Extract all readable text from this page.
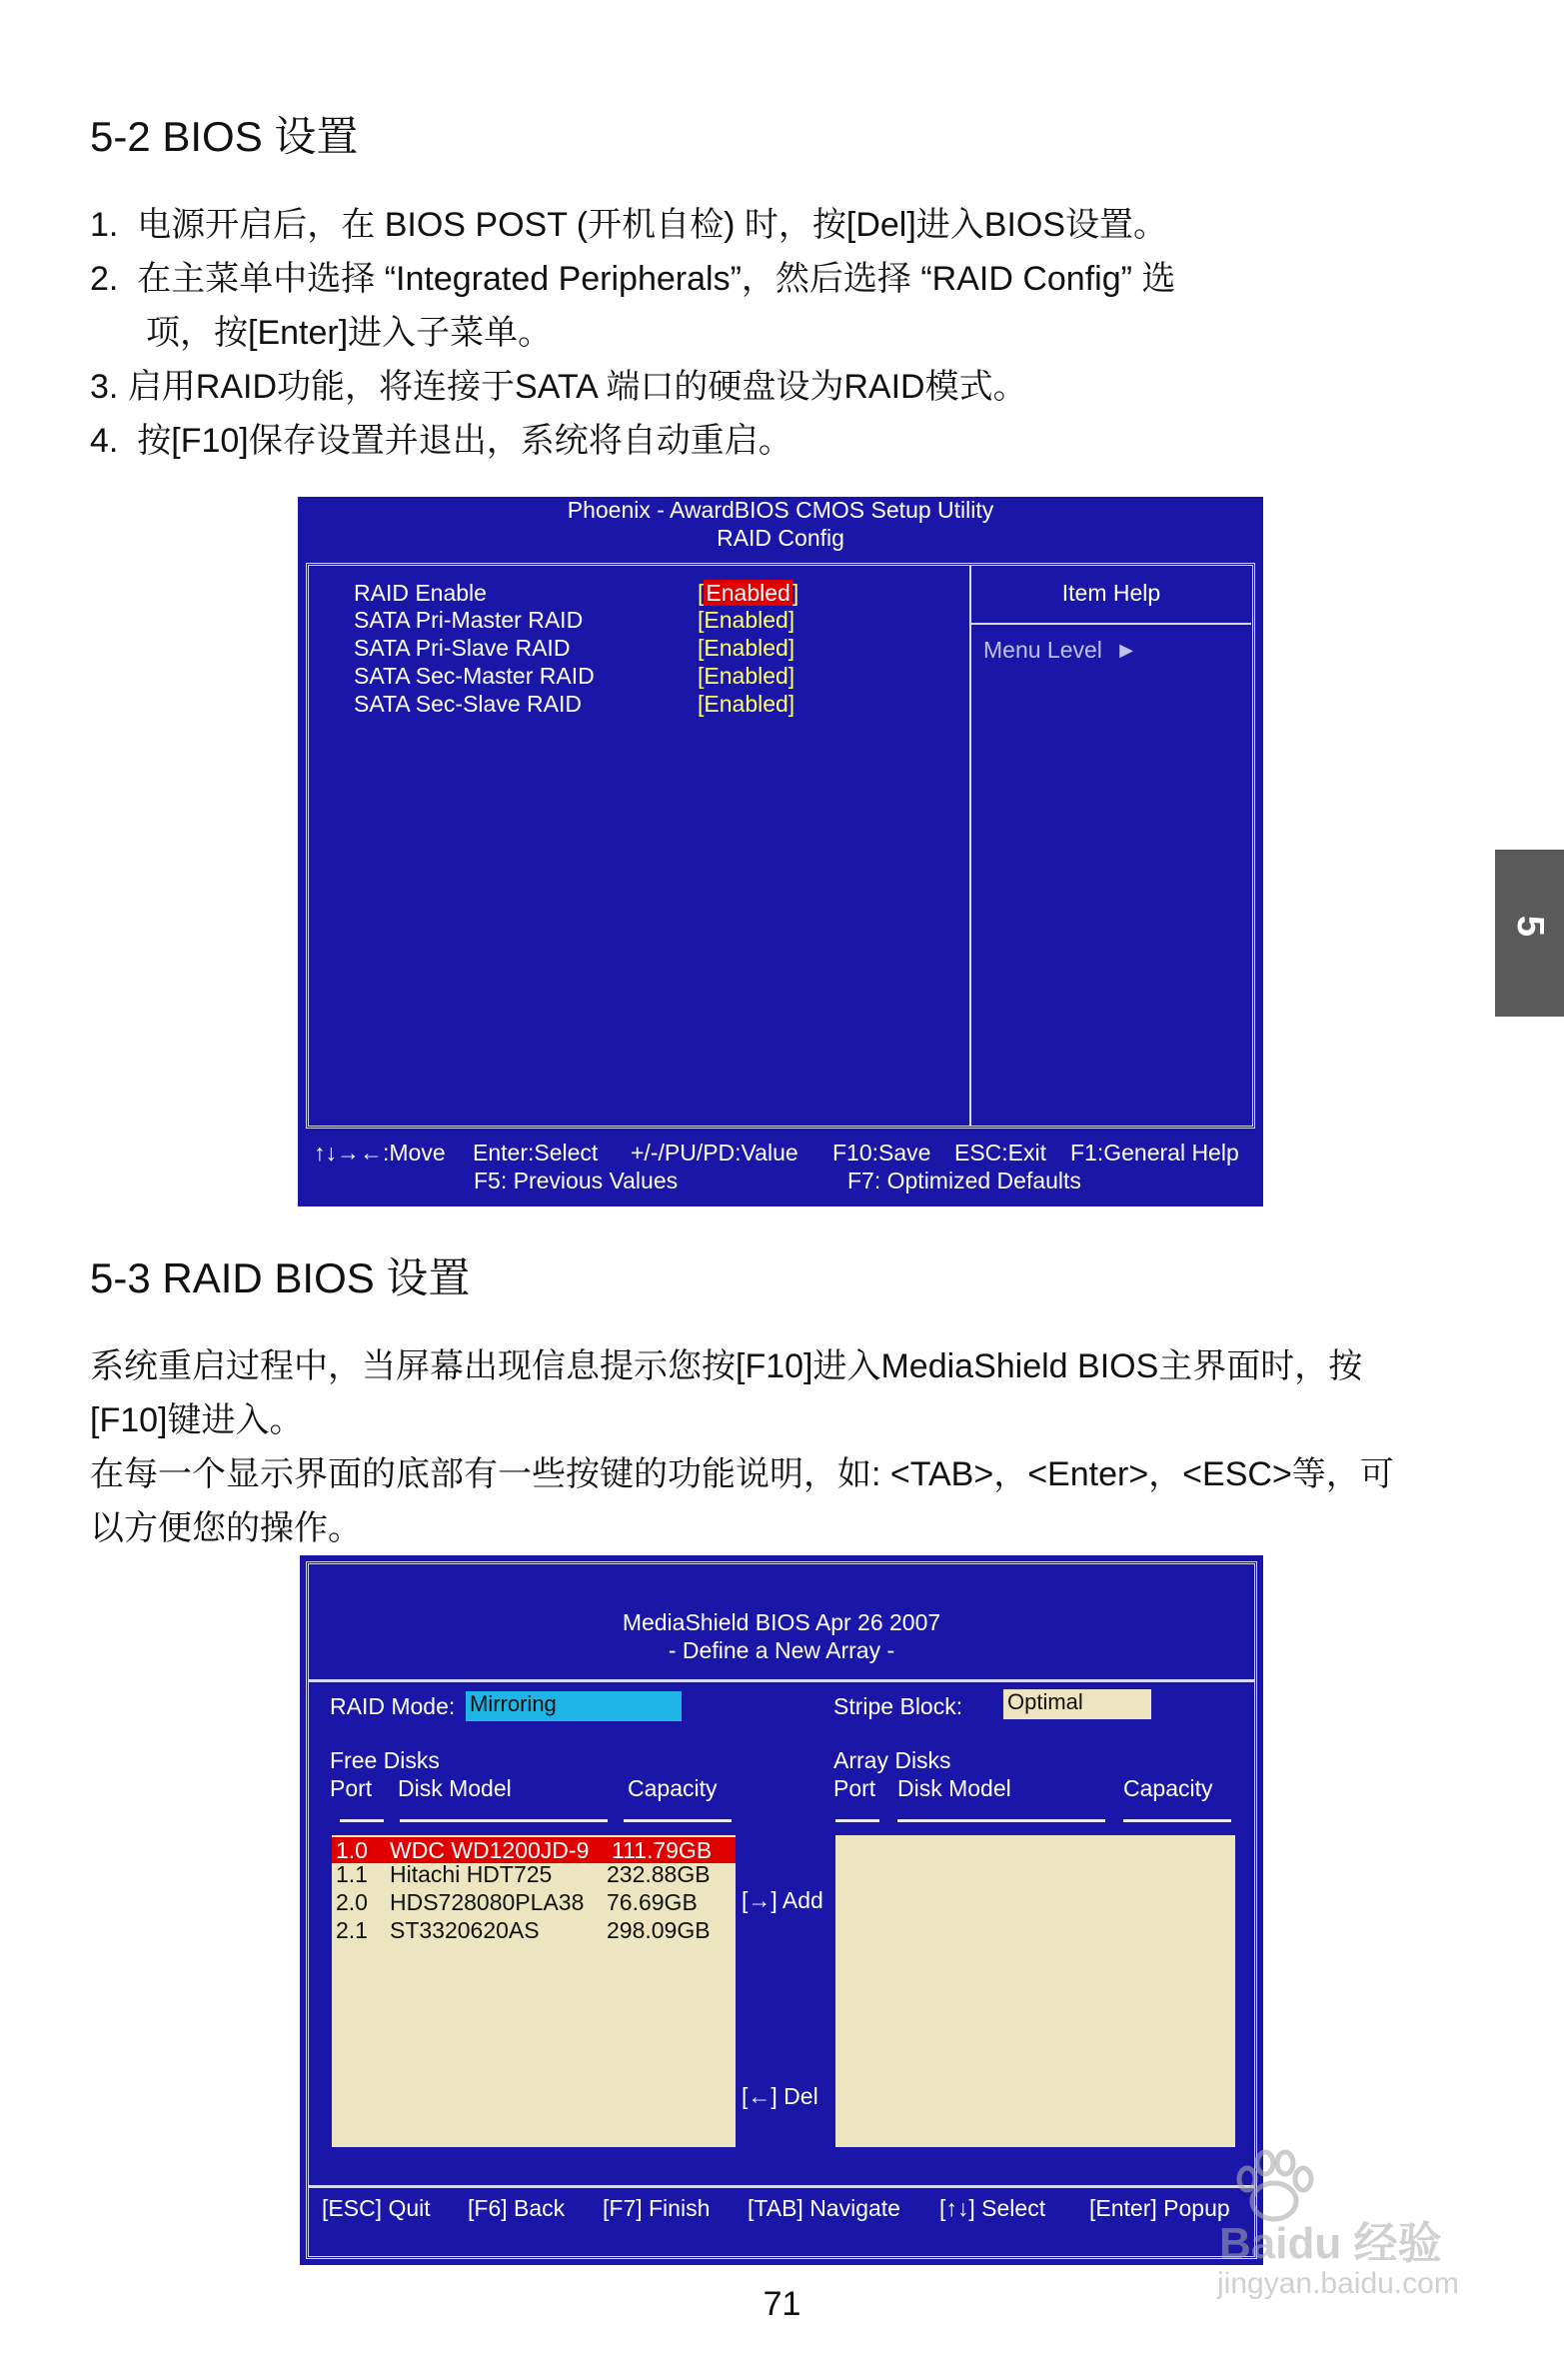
5-2 BIOS 设置
1. 电源开启后，在 BIOS POST (开机自检) 时，按[Del]进入BIOS设置。
2. 在主菜单中选择 “Integrated Peripherals”，然后选择 “RAID Config” 选
项，按[Enter]进入子菜单。
3. 启用RAID功能，将连接于SATA 端口的硬盘设为RAID模式。
4. 按[F10]保存设置并退出，系统将自动重启。
Phoenix - AwardBIOS CMOS Setup Utility
RAID Config
RAID Enable	[Enabled]
SATA Pri-Master RAID	[Enabled]
SATA Pri-Slave RAID	[Enabled]
SATA Sec-Master RAID	[Enabled]
SATA Sec-Slave RAID	[Enabled]
Item Help
Menu Level ►
↑↓→←:Move Enter:Select +/-/PU/PD:Value F10:Save ESC:Exit F1:General Help
F5: Previous Values	F7: Optimized Defaults
5-3 RAID BIOS 设置
系统重启过程中，当屏幕出现信息提示您按[F10]进入MediaShield BIOS主界面时，按
[F10]键进入。
在每一个显示界面的底部有一些按键的功能说明，如: <TAB>，<Enter>，<ESC>等，可
以方便您的操作。
MediaShield BIOS Apr 26 2007
- Define a New Array -
RAID Mode: Mirroring	Stripe Block: Optimal
Free Disks
Port Disk Model	Capacity
Array Disks
Port Disk Model	Capacity
1.0 WDC WD1200JD-9 111.79GB
1.1 Hitachi HDT725 232.88GB
2.0 HDS728080PLA38 76.69GB
2.1 ST3320620AS	298.09GB
[→] Add
[←] Del
[ESC] Quit [F6] Back [F7] Finish [TAB] Navigate [↑↓] Select [Enter] Popup
71
5
Baidu 经验
jingyan.baidu.com
